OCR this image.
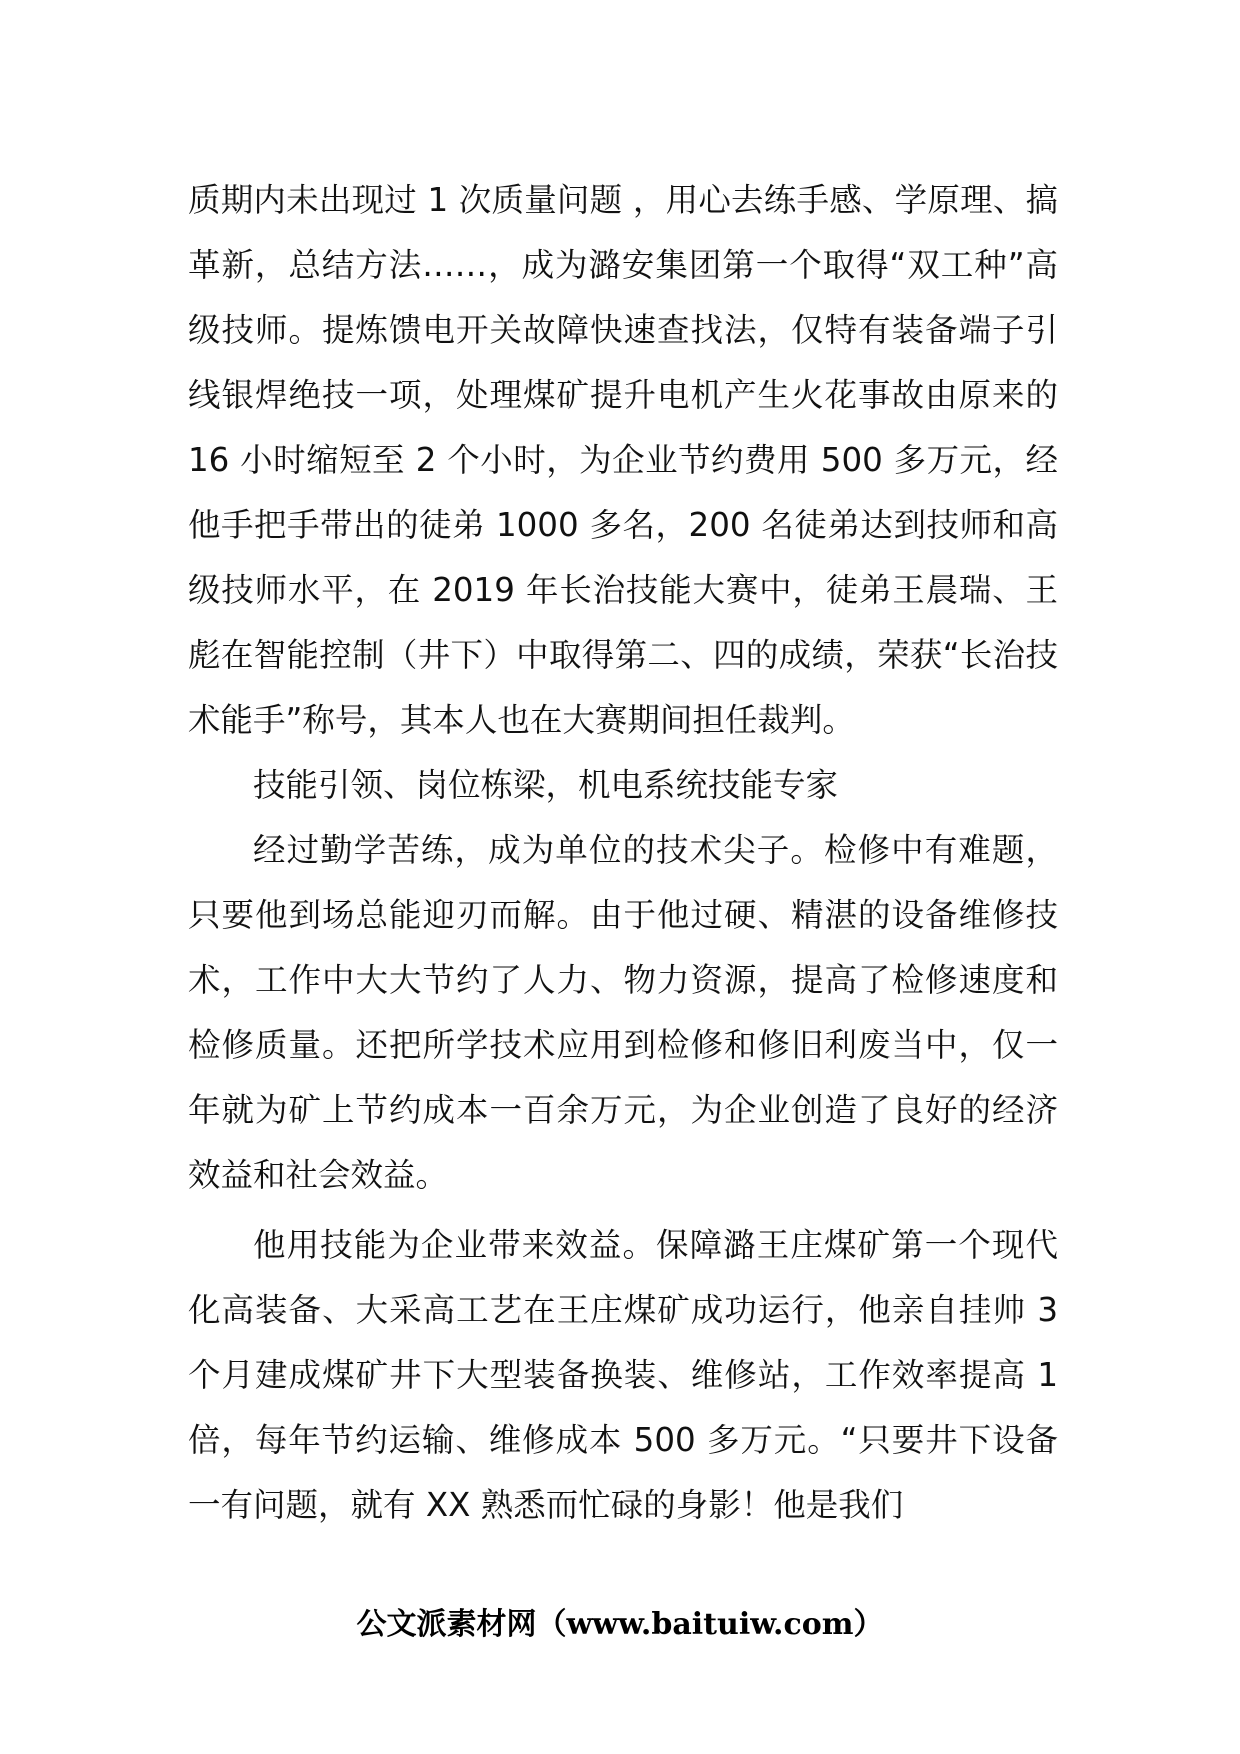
质期内未出现过 1 次质量问题 ，用心去练手感、学原理、搞革新，总结方法……，成为潞安集团第一个取得“双工种”高级技师。提炼馈电开关故障快速查找法，仅特有装备端子引线银焊绝技一项，处理煤矿提升电机产生火花事故由原来的 16 小时缩短至 2 个小时，为企业节约费用 500 多万元，经他手把手带出的徒弟 1000 多名，200 名徒弟达到技师和高级技师水平，在 2019 年长治技能大赛中，徒弟王晨瑞、王彪在智能控制（井下）中取得第二、四的成绩，荣获“长治技术能手”称号，其本人也在大赛期间担任裁判。

技能引领、岗位栋梁，机电系统技能专家

经过勤学苦练，成为单位的技术尖子。检修中有难题，只要他到场总能迎刃而解。由于他过硬、精湛的设备维修技术，工作中大大节约了人力、物力资源，提高了检修速度和检修质量。还把所学技术应用到检修和修旧利废当中，仅一年就为矿上节约成本一百余万元，为企业创造了良好的经济效益和社会效益。

他用技能为企业带来效益。保障潞王庄煤矿第一个现代化高装备、大采高工艺在王庄煤矿成功运行，他亲自挂帅 3 个月建成煤矿井下大型装备换装、维修站，工作效率提高 1 倍，每年节约运输、维修成本 500 多万元。“只要井下设备一有问题，就有 XX 熟悉而忙碌的身影！他是我们

公文派素材网（www.baituiw.com）
